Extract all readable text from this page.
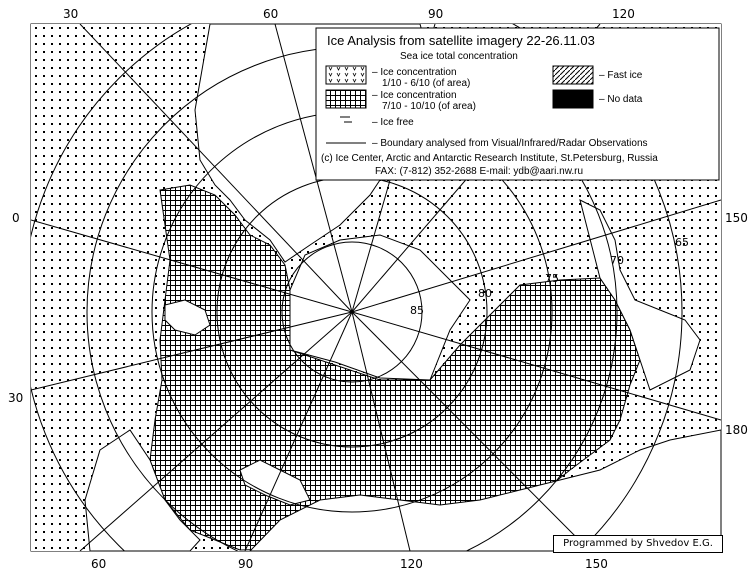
85
80
75
70
65
30	60	90	120
60	90	120	150
0
30
150
180
Ice Analysis from satellite imagery 22-26.11.03
Sea ice total concentration
– Ice concentration
1/10 - 6/10 (of area)
– Ice concentration
7/10 - 10/10 (of area)
– Ice free
– Fast ice
– No data
– Boundary analysed from Visual/Infrared/Radar Observations
(c) Ice Center, Arctic and Antarctic Research Institute, St.Petersburg, Russia
FAX: (7-812) 352-2688 E-mail: ydb@aari.nw.ru
Programmed by Shvedov E.G.
